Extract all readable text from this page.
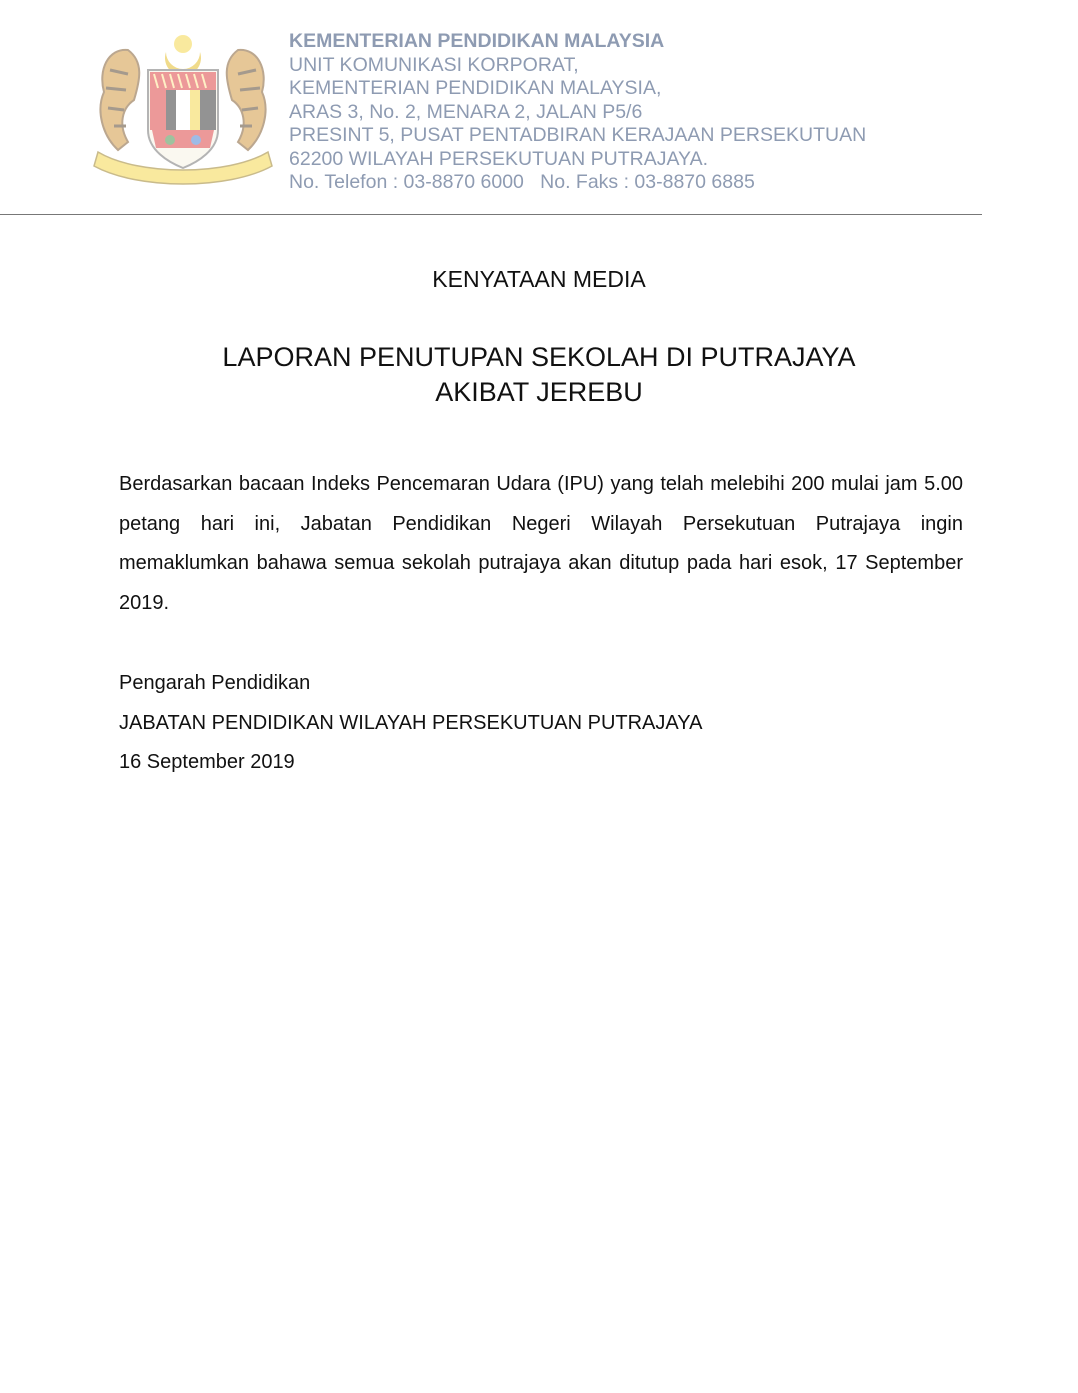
KEMENTERIAN PENDIDIKAN MALAYSIA
UNIT KOMUNIKASI KORPORAT,
KEMENTERIAN PENDIDIKAN MALAYSIA,
ARAS 3, No. 2, MENARA 2, JALAN P5/6
PRESINT 5, PUSAT PENTADBIRAN KERAJAAN PERSEKUTUAN
62200 WILAYAH PERSEKUTUAN PUTRAJAYA.
No. Telefon : 03-8870 6000   No. Faks : 03-8870 6885
KENYATAAN MEDIA
LAPORAN PENUTUPAN SEKOLAH DI PUTRAJAYA
AKIBAT JEREBU
Berdasarkan bacaan Indeks Pencemaran Udara (IPU) yang telah melebihi 200 mulai jam 5.00 petang hari ini, Jabatan Pendidikan Negeri Wilayah Persekutuan Putrajaya ingin memaklumkan bahawa semua sekolah putrajaya akan ditutup pada hari esok, 17 September 2019.
Pengarah Pendidikan
JABATAN PENDIDIKAN WILAYAH PERSEKUTUAN PUTRAJAYA
16 September 2019
